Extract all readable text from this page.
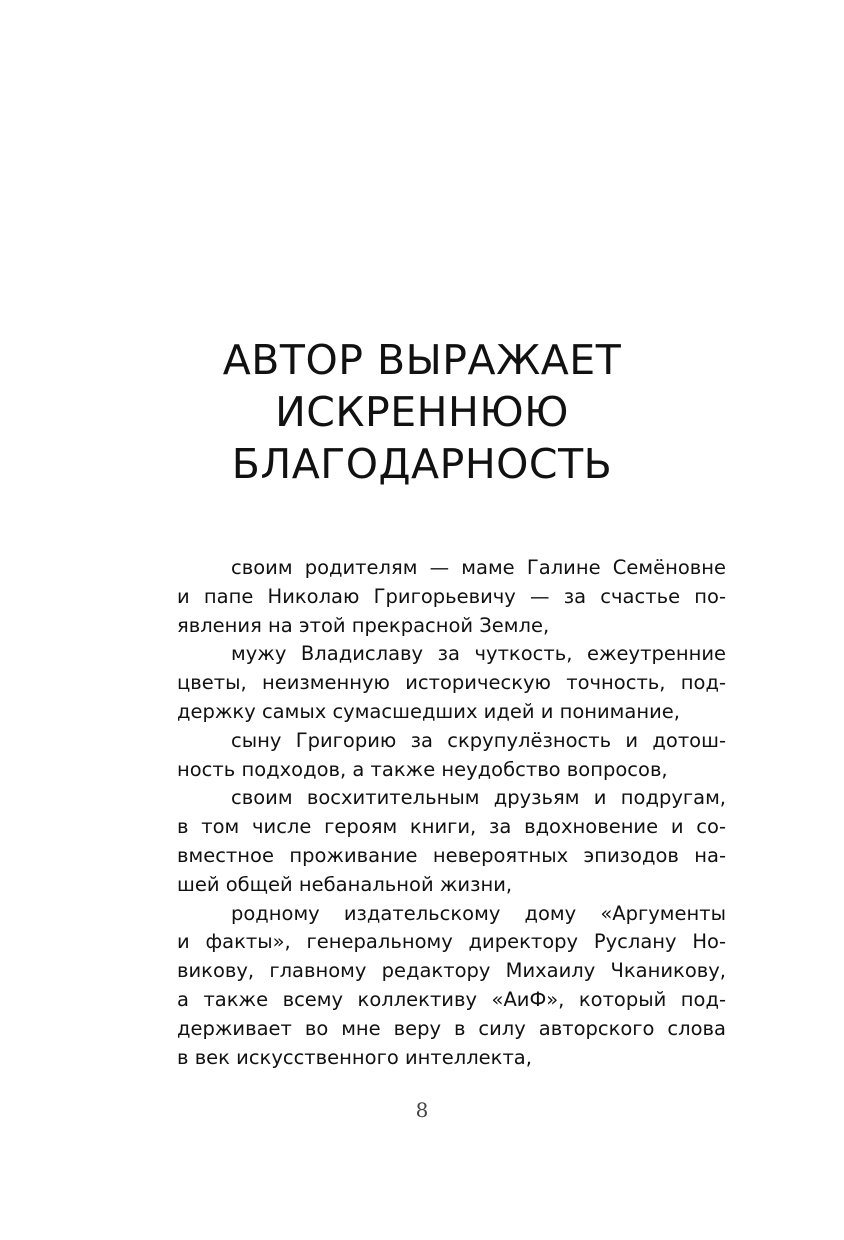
АВТОР ВЫРАЖАЕТ
ИСКРЕННЮЮ
БЛАГОДАРНОСТЬ
своим родителям — маме Галине Семёновне
и папе Николаю Григорьевичу — за счастье по-
явления на этой прекрасной Земле,
мужу Владиславу за чуткость, ежеутренние
цветы, неизменную историческую точность, под-
держку самых сумасшедших идей и понимание,
сыну Григорию за скрупулёзность и дотош-
ность подходов, а также неудобство вопросов,
своим восхитительным друзьям и подругам,
в том числе героям книги, за вдохновение и со-
вместное проживание невероятных эпизодов на-
шей общей небанальной жизни,
родному издательскому дому «Аргументы
и факты», генеральному директору Руслану Но-
викову, главному редактору Михаилу Чканикову,
а также всему коллективу «АиФ», который под-
держивает во мне веру в силу авторского слова
в век искусственного интеллекта,
8
